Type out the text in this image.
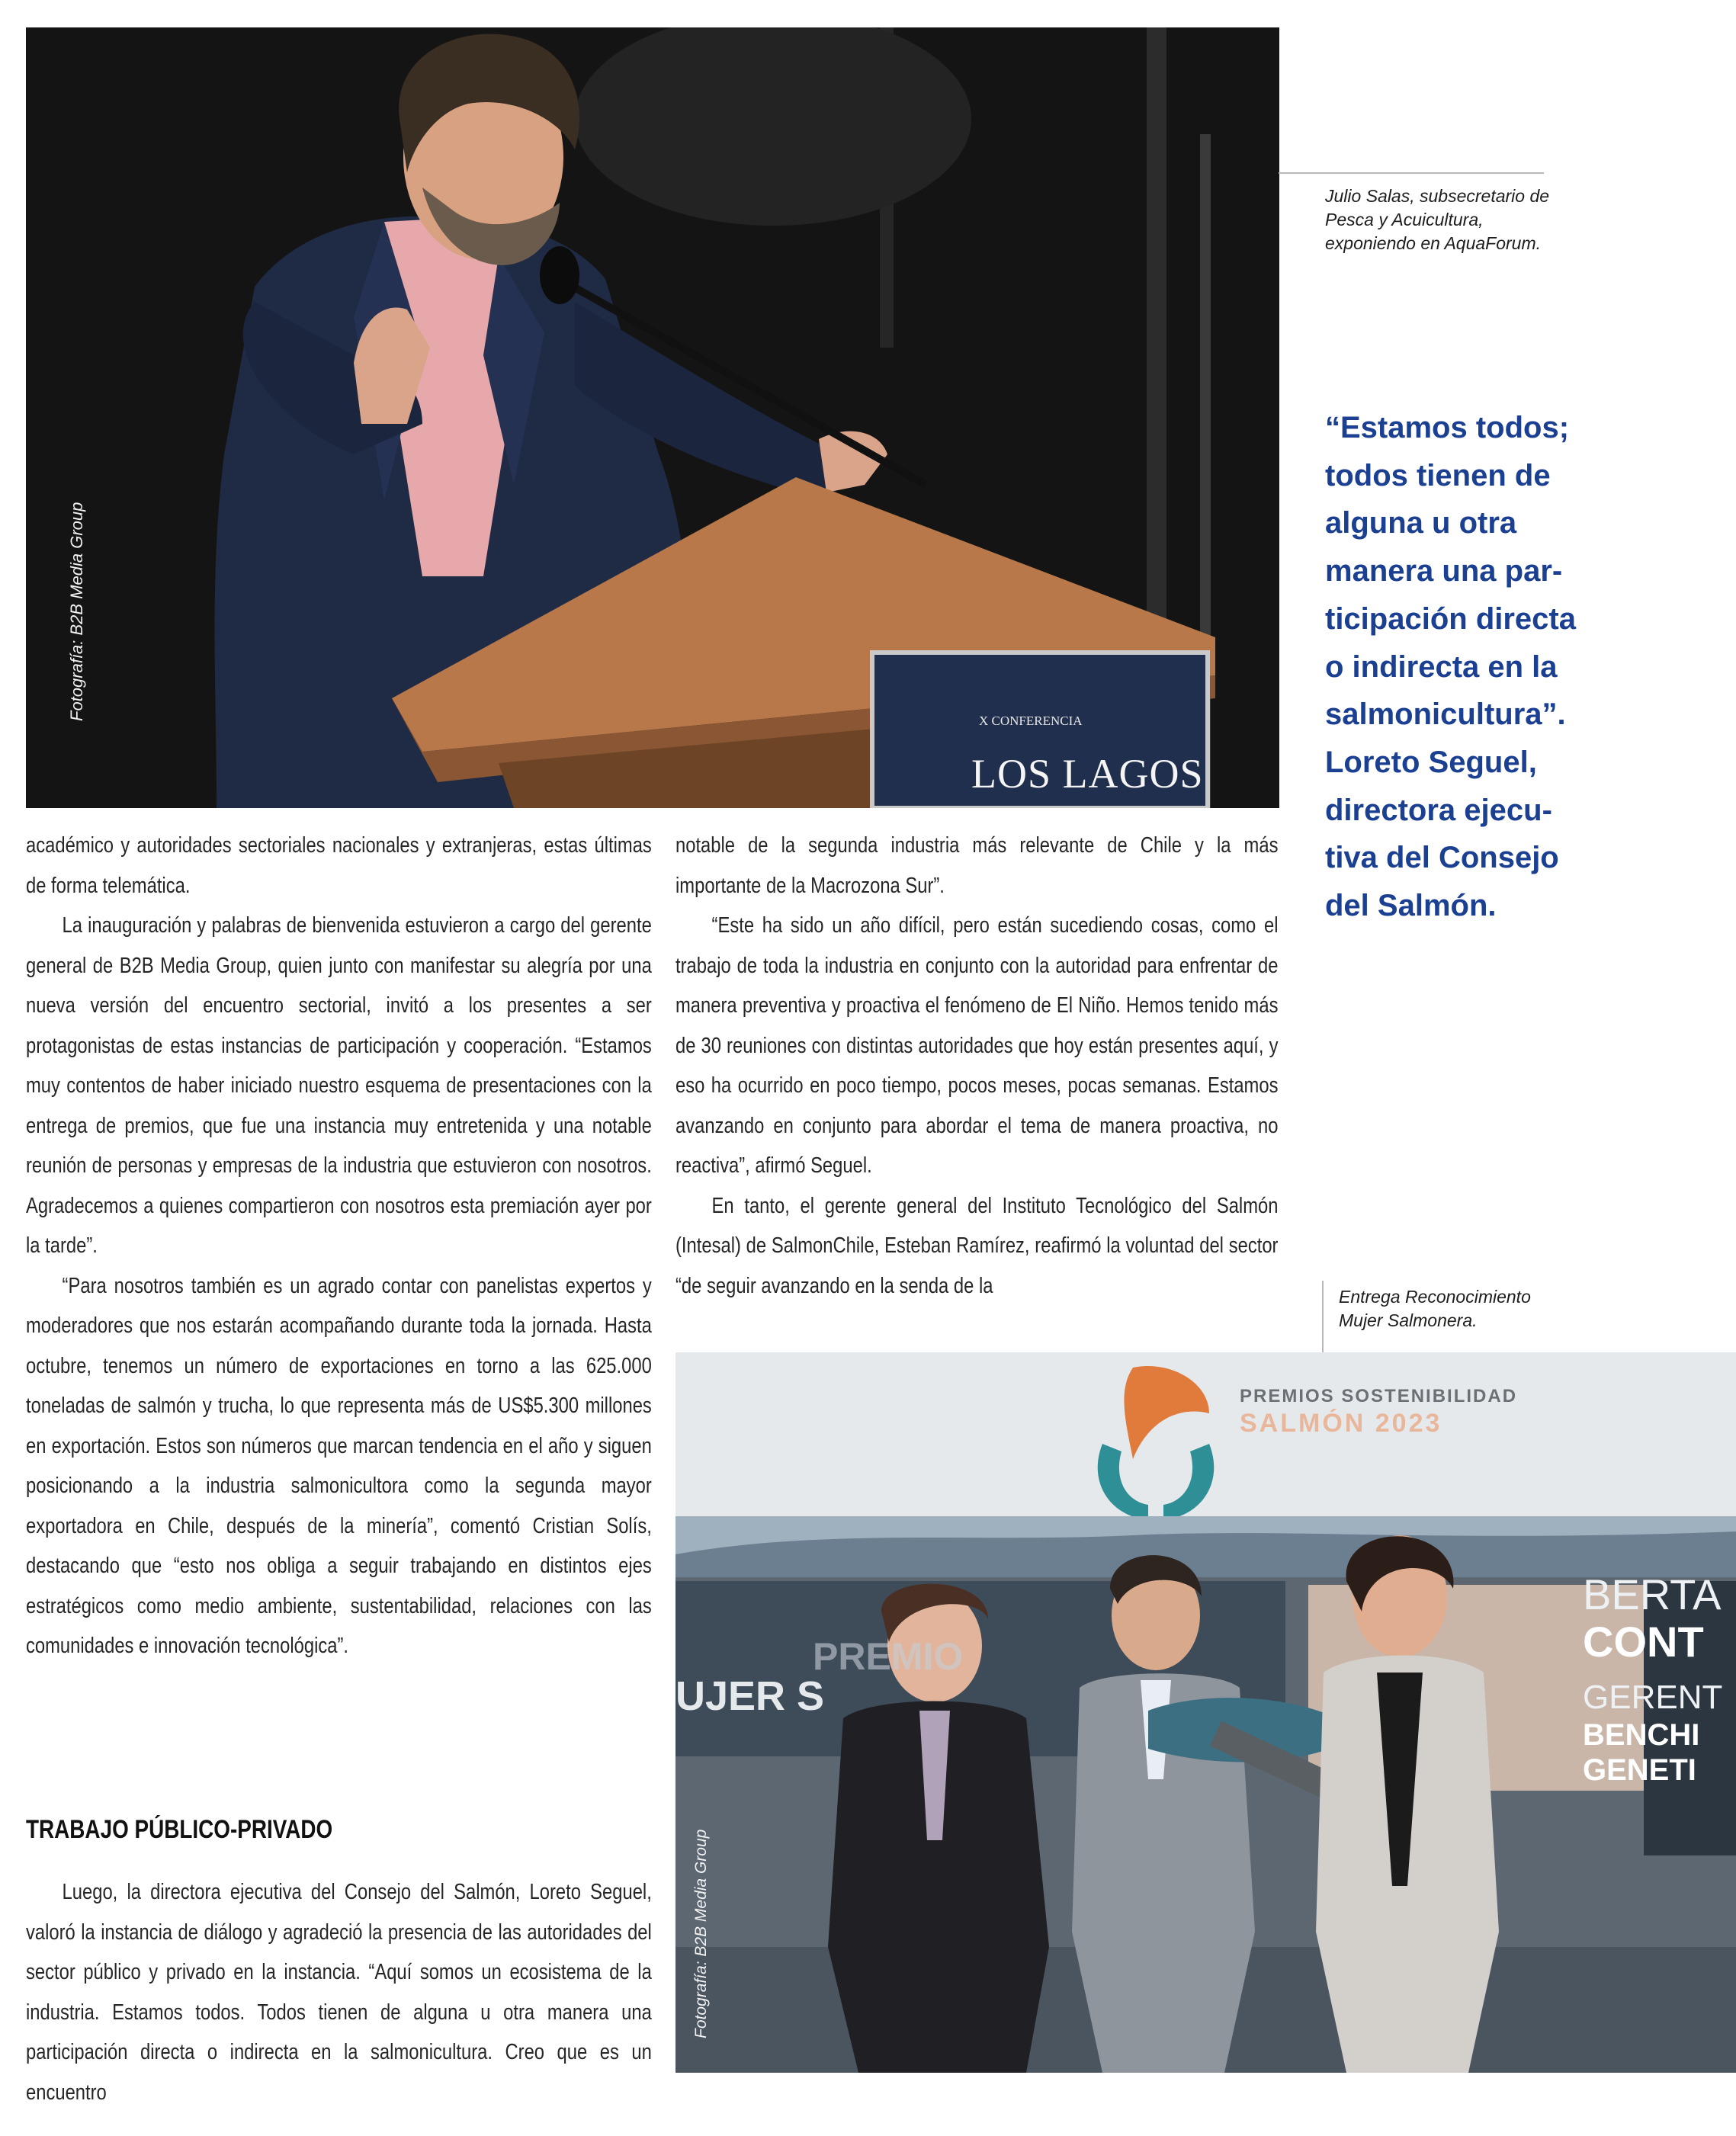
X CONFERENCIA
LOS LAGOS
Fotografía: B2B Media Group
Julio Salas, subsecretario de Pesca y Acuicultura, exponiendo en AquaForum.
“Estamos todos;
todos tienen de
alguna u otra
manera una par-
ticipación directa
o indirecta en la
salmonicultura”.
Loreto Seguel,
directora ejecu-
tiva del Consejo
del Salmón.
Entrega Reconocimiento Mujer Salmonera.

académico y autoridades sectoriales nacionales y extranjeras, estas últimas de forma telemática.

La inauguración y palabras de bienvenida estuvieron a cargo del gerente general de B2B Media Group, quien junto con manifestar su alegría por una nueva versión del encuentro sectorial, invitó a los presentes a ser protagonistas de estas instancias de participación y cooperación. “Estamos muy contentos de haber iniciado nuestro esquema de presentaciones con la entrega de premios, que fue una instancia muy entretenida y una notable reunión de personas y empresas de la industria que estuvieron con nosotros. Agradecemos a quienes compartieron con nosotros esta premiación ayer por la tarde”.

“Para nosotros también es un agrado contar con panelistas expertos y moderadores que nos estarán acompañando durante toda la jornada. Hasta octubre, tenemos un número de exportaciones en torno a las 625.000 toneladas de salmón y trucha, lo que representa más de US$5.300 millones en exportación. Estos son números que marcan tendencia en el año y siguen posicionando a la industria salmonicultora como la segunda mayor exportadora en Chile, después de la minería”, comentó Cristian Solís, destacando que “esto nos obliga a seguir trabajando en distintos ejes estratégicos como medio ambiente, sustentabilidad, relaciones con las comunidades e innovación tecnológica”.

TRABAJO PÚBLICO-PRIVADO

Luego, la directora ejecutiva del Consejo del Salmón, Loreto Seguel, valoró la instancia de diálogo y agradeció la presencia de las autoridades del sector público y privado en la instancia. “Aquí somos un ecosistema de la industria. Estamos todos. Todos tienen de alguna u otra manera una participación directa o indirecta en la salmonicultura. Creo que es un encuentro

notable de la segunda industria más relevante de Chile y la más importante de la Macrozona Sur”.

“Este ha sido un año difícil, pero están sucediendo cosas, como el trabajo de toda la industria en conjunto con la autoridad para enfrentar de manera preventiva y proactiva el fenómeno de El Niño. Hemos tenido más de 30 reuniones con distintas autoridades que hoy están presentes aquí, y eso ha ocurrido en poco tiempo, pocos meses, pocas semanas. Estamos avanzando en conjunto para abordar el tema de manera proactiva, no reactiva”, afirmó Seguel.

En tanto, el gerente general del Instituto Tecnológico del Salmón (Intesal) de SalmonChile, Esteban Ramírez, reafirmó la voluntad del sector “de seguir avanzando en la senda de la

PREMIOS SOSTENIBILIDAD
SALMÓN 2023
PREMIO
UJER S
BERTA
CONT
GERENT
BENCHI
GENETI
Fotografía: B2B Media Group
